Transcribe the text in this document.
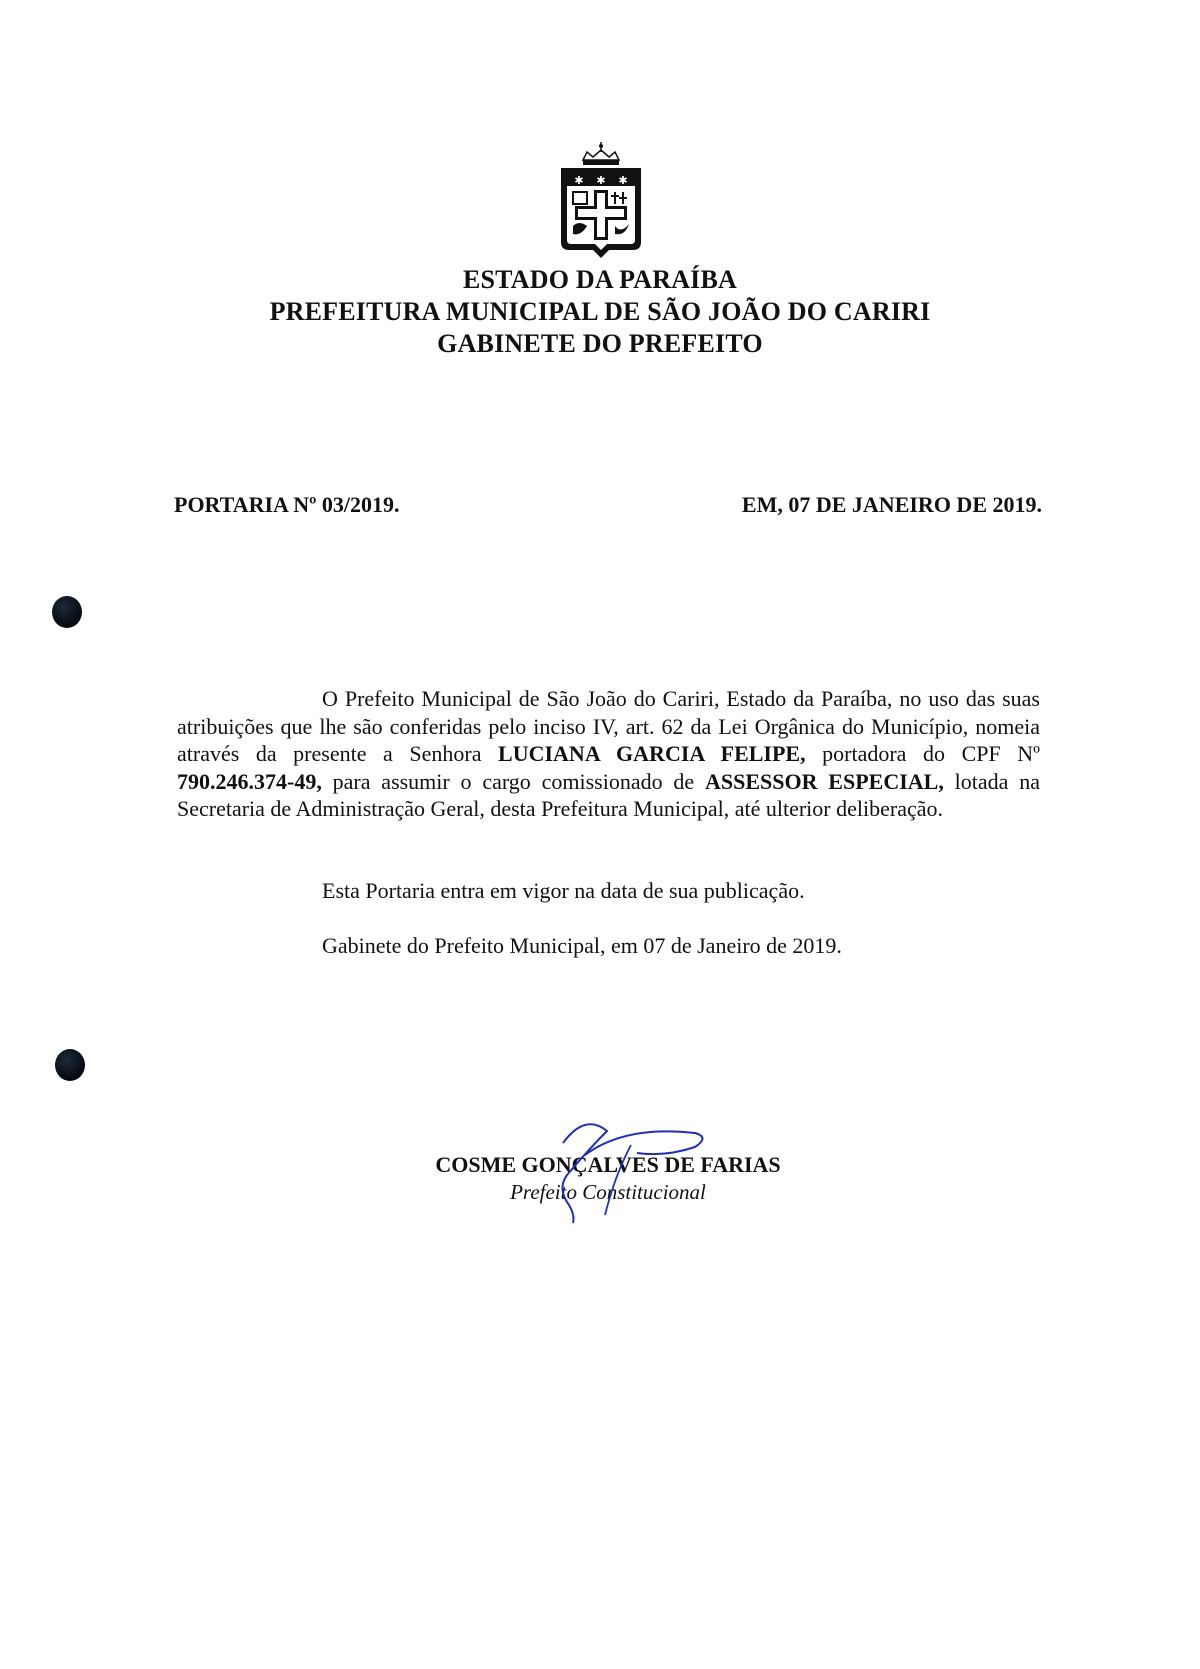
✱ ✱ ✱
ESTADO DA PARAÍBA
PREFEITURA MUNICIPAL DE SÃO JOÃO DO CARIRI
GABINETE DO PREFEITO
PORTARIA Nº 03/2019.	EM, 07 DE JANEIRO DE 2019.
O Prefeito Municipal de São João do Cariri, Estado da Paraíba, no uso das suas atribuições que lhe são conferidas pelo inciso IV, art. 62 da Lei Orgânica do Município, nomeia através da presente a Senhora LUCIANA GARCIA FELIPE, portadora do CPF Nº 790.246.374-49, para assumir o cargo comissionado de ASSESSOR ESPECIAL, lotada na Secretaria de Administração Geral, desta Prefeitura Municipal, até ulterior deliberação.
Esta Portaria entra em vigor na data de sua publicação.
Gabinete do Prefeito Municipal, em 07 de Janeiro de 2019.
COSME GONÇALVES DE FARIAS
Prefeito Constitucional
